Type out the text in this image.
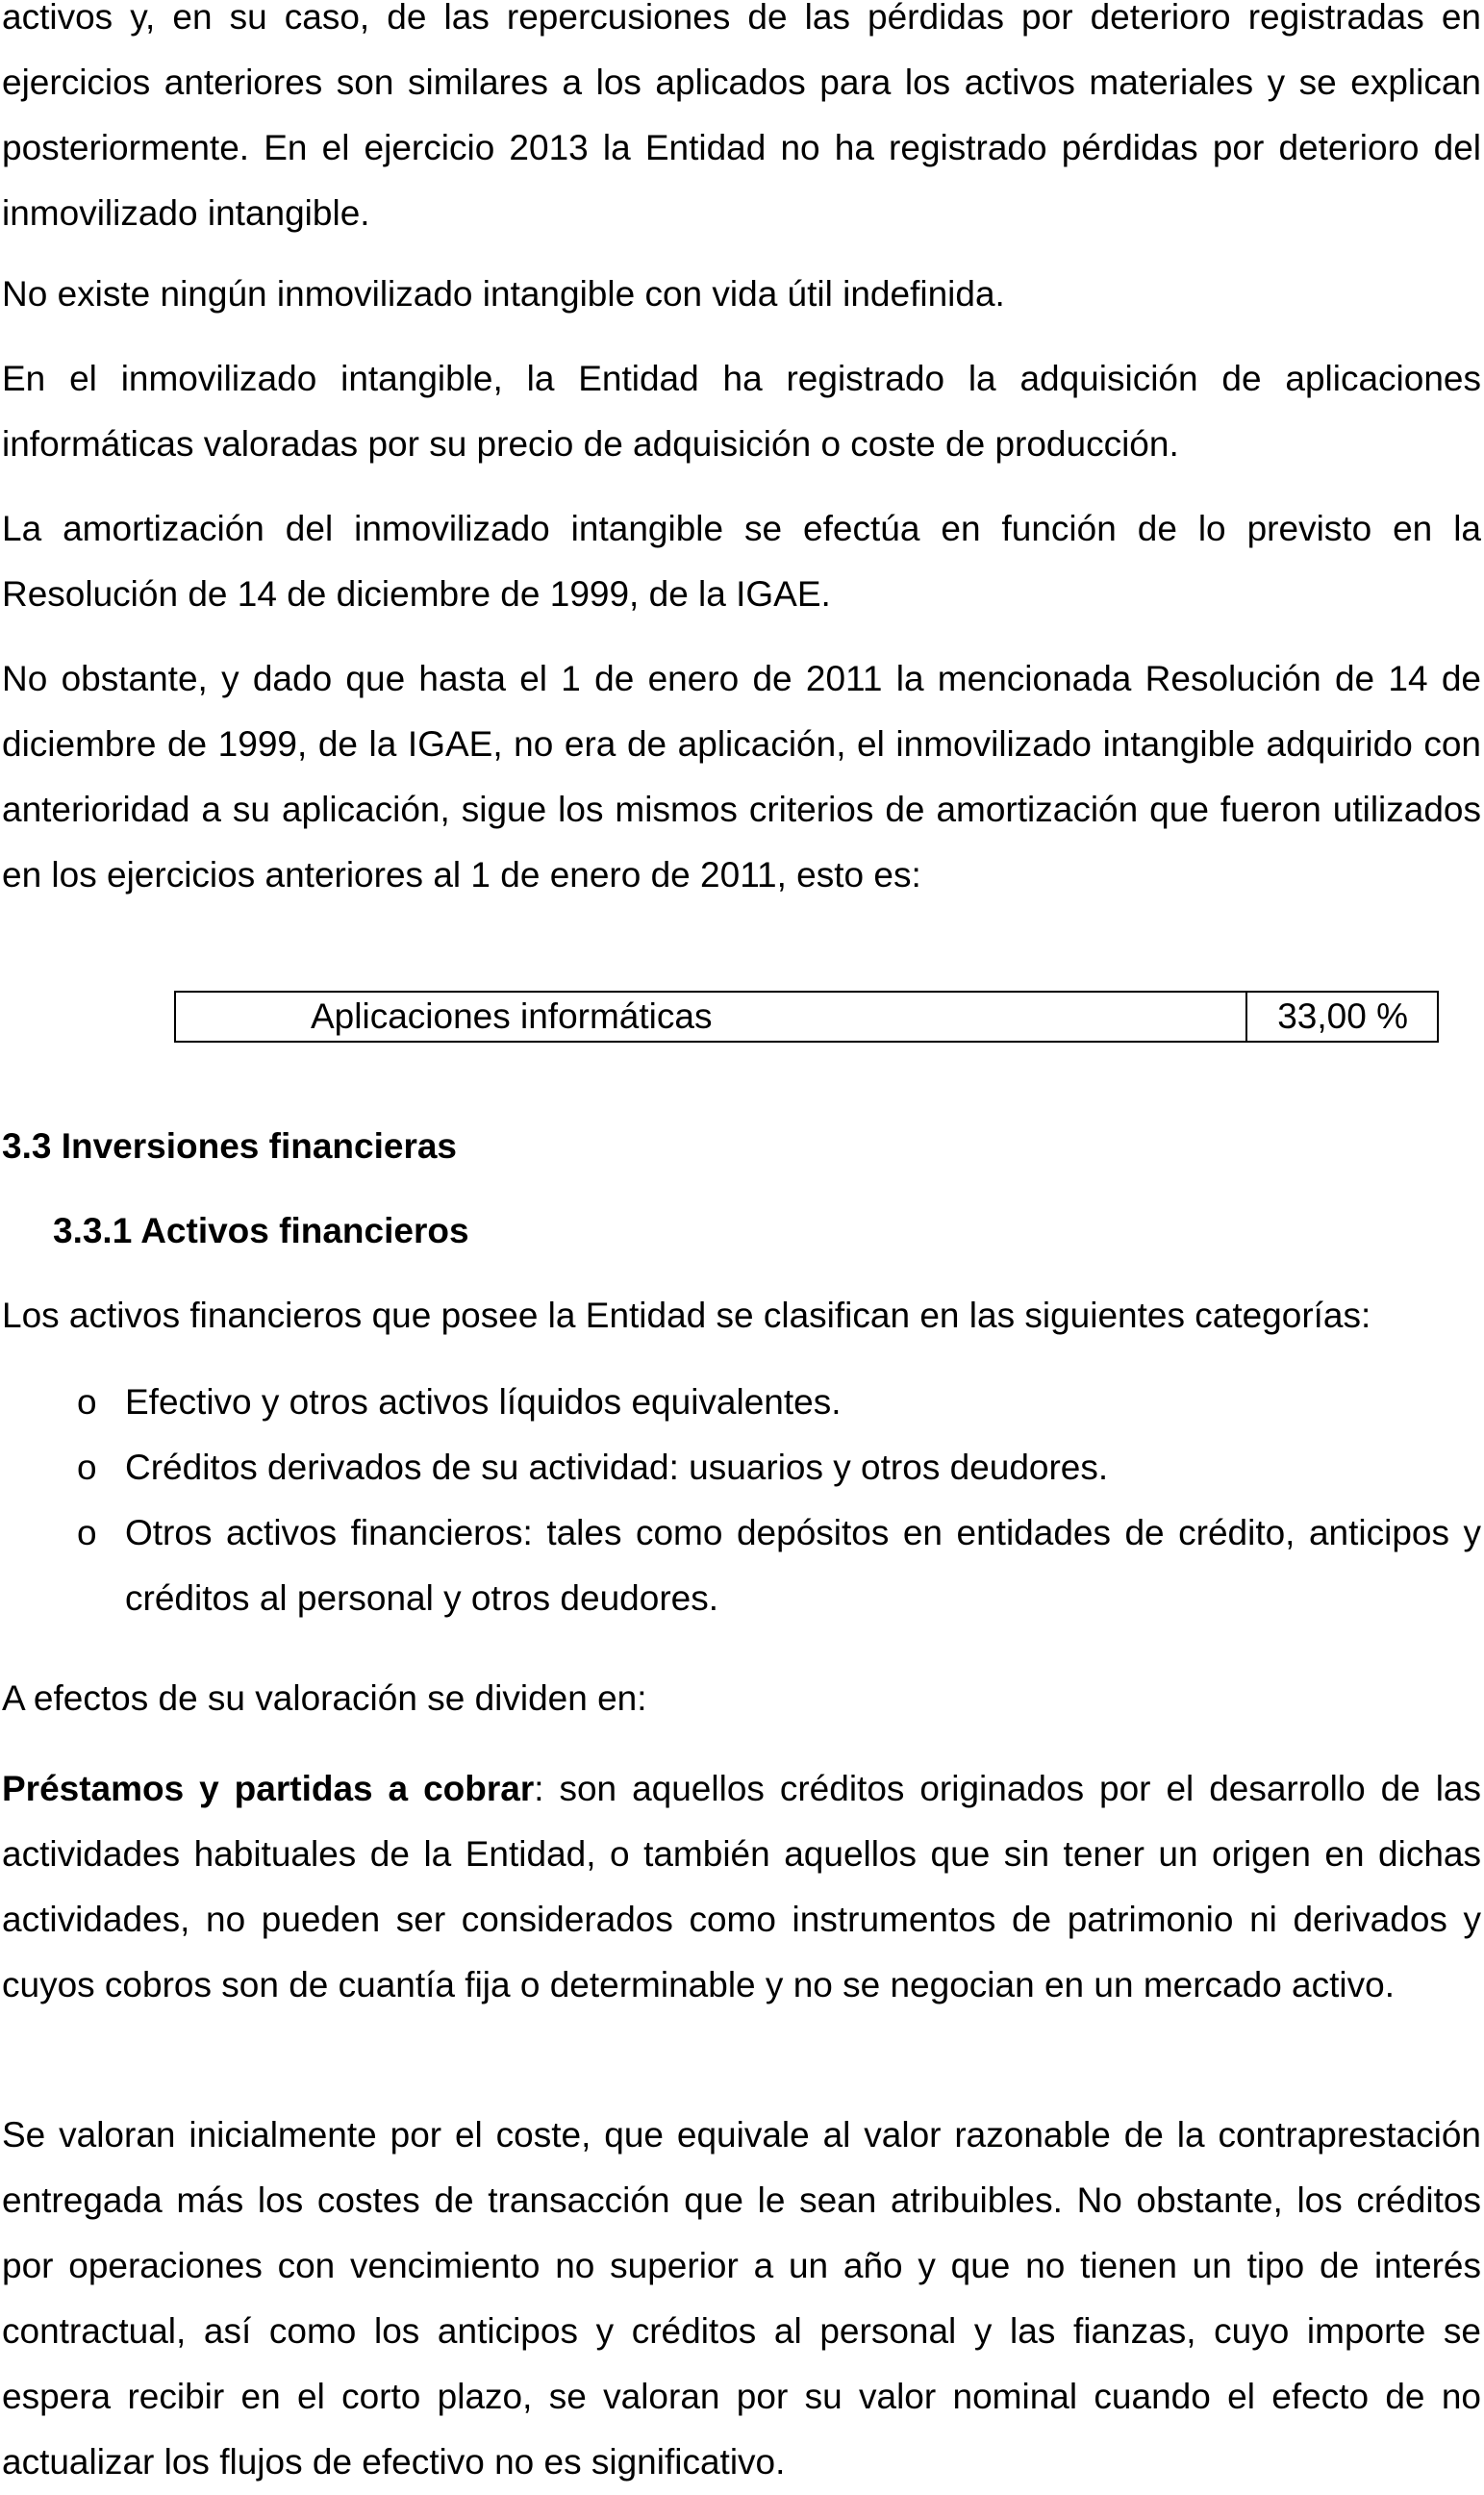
activos y, en su caso, de las repercusiones de las pérdidas por deterioro registradas en ejercicios anteriores son similares a los aplicados para los activos materiales y se explican posteriormente. En el ejercicio 2013 la Entidad no ha registrado pérdidas por deterioro del inmovilizado intangible.

No existe ningún inmovilizado intangible con vida útil indefinida.

En el inmovilizado intangible, la Entidad ha registrado la adquisición de aplicaciones informáticas valoradas por su precio de adquisición o coste de producción.

La amortización del inmovilizado intangible se efectúa en función de lo previsto en la Resolución de 14 de diciembre de 1999, de la IGAE.

No obstante, y dado que hasta el 1 de enero de 2011 la mencionada Resolución de 14 de diciembre de 1999, de la IGAE, no era de aplicación, el inmovilizado intangible adquirido con anterioridad a su aplicación, sigue los mismos criterios de amortización que fueron utilizados en los ejercicios anteriores al 1 de enero de 2011, esto es:

Aplicaciones informáticas	33,00 %
3.3 Inversiones financieras
3.3.1 Activos financieros

Los activos financieros que posee la Entidad se clasifican en las siguientes categorías:

o Efectivo y otros activos líquidos equivalentes.
o Créditos derivados de su actividad: usuarios y otros deudores.
o Otros activos financieros: tales como depósitos en entidades de crédito, anticipos y créditos al personal y otros deudores.

A efectos de su valoración se dividen en:

Préstamos y partidas a cobrar: son aquellos créditos originados por el desarrollo de las actividades habituales de la Entidad, o también aquellos que sin tener un origen en dichas actividades, no pueden ser considerados como instrumentos de patrimonio ni derivados y cuyos cobros son de cuantía fija o determinable y no se negocian en un mercado activo.

Se valoran inicialmente por el coste, que equivale al valor razonable de la contraprestación entregada más los costes de transacción que le sean atribuibles. No obstante, los créditos por operaciones con vencimiento no superior a un año y que no tienen un tipo de interés contractual, así como los anticipos y créditos al personal y las fianzas, cuyo importe se espera recibir en el corto plazo, se valoran por su valor nominal cuando el efecto de no actualizar los flujos de efectivo no es significativo.
